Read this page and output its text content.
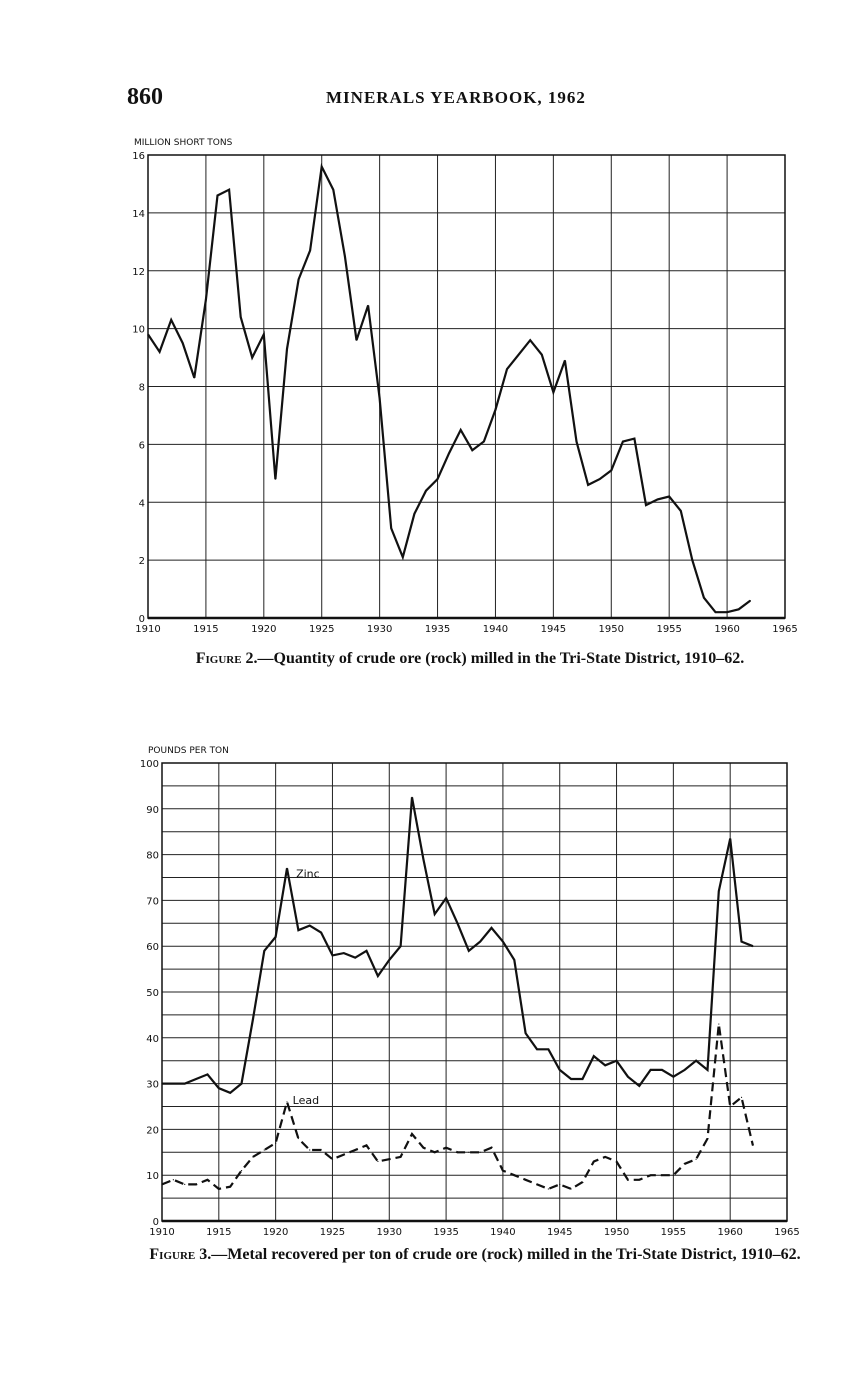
860	MINERALS YEARBOOK, 1962
0
2
4
6
8
10
12
14
16
1910	1915	1920	1925	1930	1935	1940	1945	1950	1955	1960	1965
MILLION SHORT TONS
Figure 2.—Quantity of crude ore (rock) milled in the Tri-State District, 1910–62.
0
10
20
30
40
50
60
70
80
90
100
1910	1915	1920	1925	1930	1935	1940	1945	1950	1955	1960	1965
POUNDS PER TON
Zinc
Lead
Figure 3.—Metal recovered per ton of crude ore (rock) milled in the Tri-State District, 1910–62.
